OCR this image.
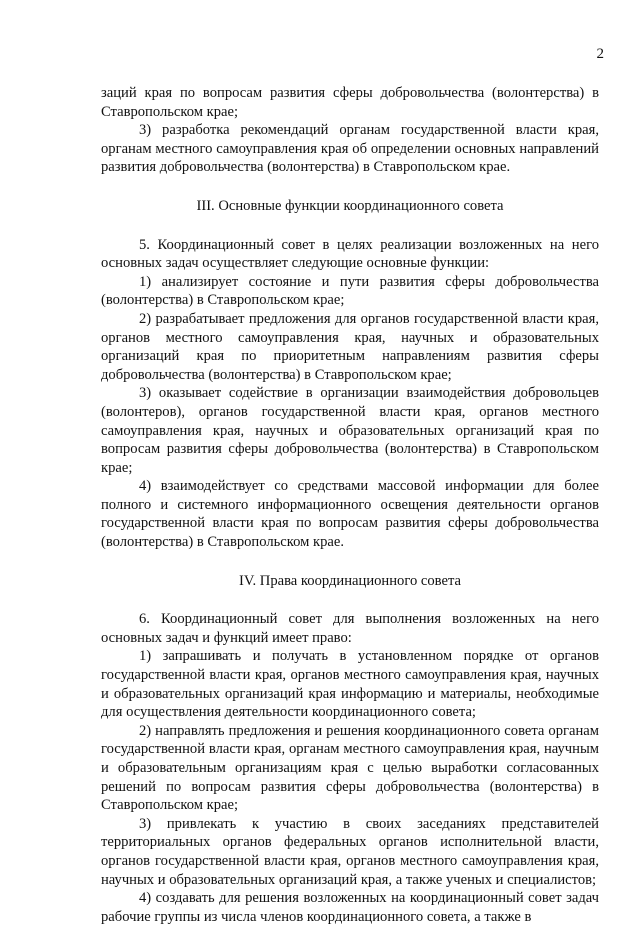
2

заций края по вопросам развития сферы добровольчества (волонтерства) в Ставропольском крае;

3) разработка рекомендаций органам государственной власти края, органам местного самоуправления края об определении основных направлений развития добровольчества (волонтерства) в Ставропольском крае.

III. Основные функции координационного совета

5. Координационный совет в целях реализации возложенных на него основных задач осуществляет следующие основные функции:

1) анализирует состояние и пути развития сферы добровольчества (волонтерства) в Ставропольском крае;

2) разрабатывает предложения для органов государственной власти края, органов местного самоуправления края, научных и образовательных организаций края по приоритетным направлениям развития сферы добровольчества (волонтерства) в Ставропольском крае;

3) оказывает содействие в организации взаимодействия добровольцев (волонтеров), органов государственной власти края, органов местного самоуправления края, научных и образовательных организаций края по вопросам развития сферы добровольчества (волонтерства) в Ставропольском крае;

4) взаимодействует со средствами массовой информации для более полного и системного информационного освещения деятельности органов государственной власти края по вопросам развития сферы добровольчества (волонтерства) в Ставропольском крае.

IV. Права координационного совета

6. Координационный совет для выполнения возложенных на него основных задач и функций имеет право:

1) запрашивать и получать в установленном порядке от органов государственной власти края, органов местного самоуправления края, научных и образовательных организаций края информацию и материалы, необходимые для осуществления деятельности координационного совета;

2) направлять предложения и решения координационного совета органам государственной власти края, органам местного самоуправления края, научным и образовательным организациям края с целью выработки согласованных решений по вопросам развития сферы добровольчества (волонтерства) в Ставропольском крае;

3) привлекать к участию в своих заседаниях представителей территориальных органов федеральных органов исполнительной власти, органов государственной власти края, органов местного самоуправления края, научных и образовательных организаций края, а также ученых и специалистов;

4) создавать для решения возложенных на координационный совет задач рабочие группы из числа членов координационного совета, а также в
